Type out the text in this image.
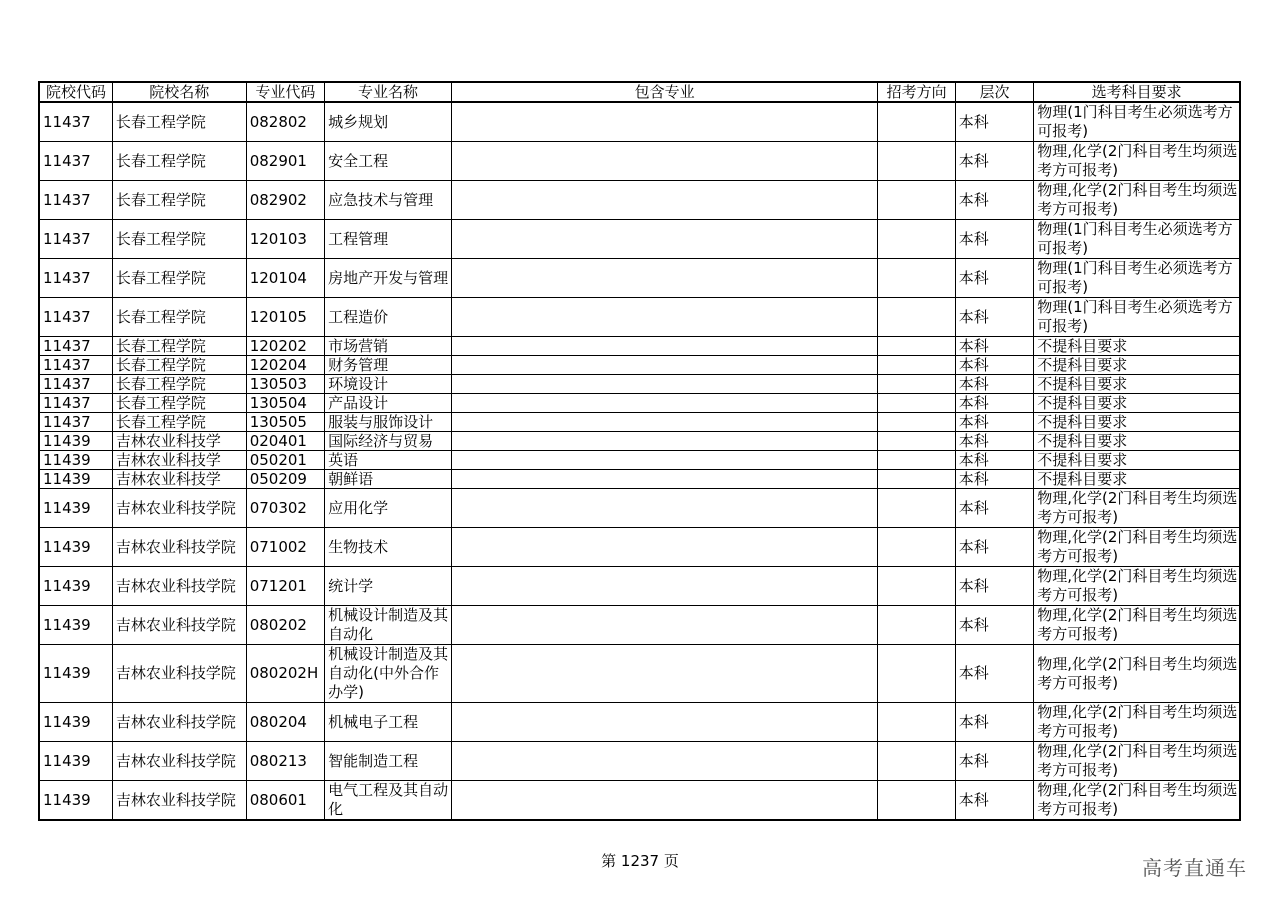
院校代码	院校名称	专业代码	专业名称	包含专业	招考方向	层次	选考科目要求
11437	长春工程学院	082802	城乡规划			本科	物理(1门科目考生必须选考方可报考)
11437	长春工程学院	082901	安全工程			本科	物理,化学(2门科目考生均须选考方可报考)
11437	长春工程学院	082902	应急技术与管理			本科	物理,化学(2门科目考生均须选考方可报考)
11437	长春工程学院	120103	工程管理			本科	物理(1门科目考生必须选考方可报考)
11437	长春工程学院	120104	房地产开发与管理			本科	物理(1门科目考生必须选考方可报考)
11437	长春工程学院	120105	工程造价			本科	物理(1门科目考生必须选考方可报考)
11437	长春工程学院	120202	市场营销			本科	不提科目要求
11437	长春工程学院	120204	财务管理			本科	不提科目要求
11437	长春工程学院	130503	环境设计			本科	不提科目要求
11437	长春工程学院	130504	产品设计			本科	不提科目要求
11437	长春工程学院	130505	服装与服饰设计			本科	不提科目要求
11439	吉林农业科技学	020401	国际经济与贸易			本科	不提科目要求
11439	吉林农业科技学	050201	英语			本科	不提科目要求
11439	吉林农业科技学	050209	朝鲜语			本科	不提科目要求
11439	吉林农业科技学院	070302	应用化学			本科	物理,化学(2门科目考生均须选考方可报考)
11439	吉林农业科技学院	071002	生物技术			本科	物理,化学(2门科目考生均须选考方可报考)
11439	吉林农业科技学院	071201	统计学			本科	物理,化学(2门科目考生均须选考方可报考)
11439	吉林农业科技学院	080202	机械设计制造及其自动化			本科	物理,化学(2门科目考生均须选考方可报考)
11439	吉林农业科技学院	080202H	机械设计制造及其自动化(中外合作办学)			本科	物理,化学(2门科目考生均须选考方可报考)
11439	吉林农业科技学院	080204	机械电子工程			本科	物理,化学(2门科目考生均须选考方可报考)
11439	吉林农业科技学院	080213	智能制造工程			本科	物理,化学(2门科目考生均须选考方可报考)
11439	吉林农业科技学院	080601	电气工程及其自动化			本科	物理,化学(2门科目考生均须选考方可报考)
第 1237 页	高考直通车
